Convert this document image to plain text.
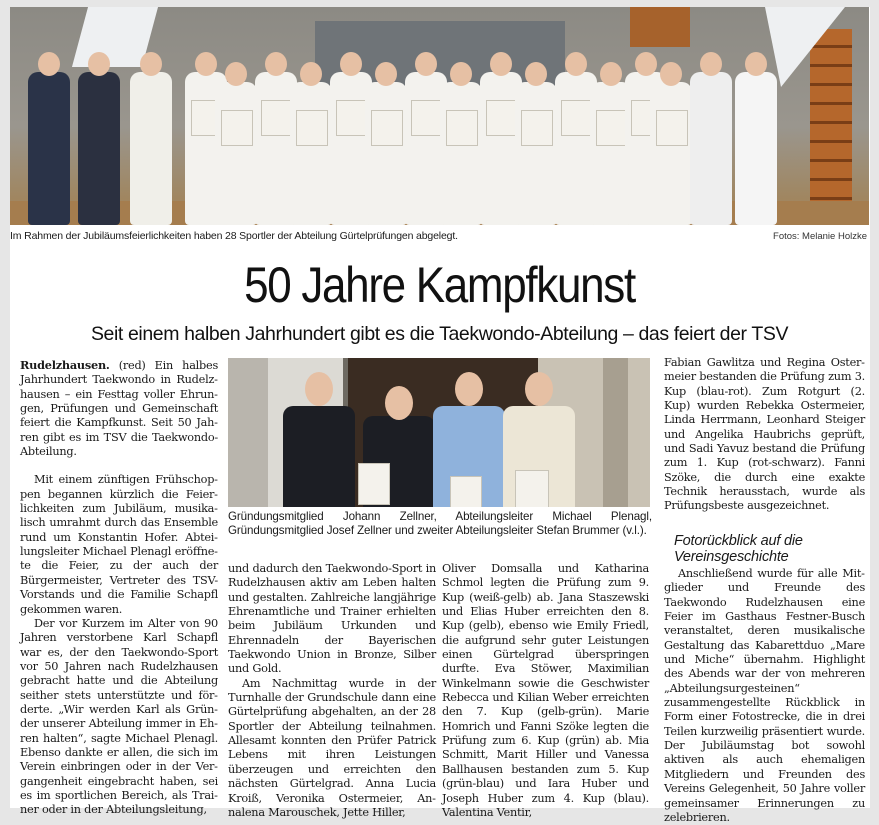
Im Rahmen der Jubiläumsfeierlichkeiten haben 28 Sportler der Abteilung Gürtelprüfungen abgelegt.	Fotos: Melanie Holzke
50 Jahre Kampfkunst
Seit einem halben Jahrhundert gibt es die Taekwondo-Abteilung – das feiert der TSV

Rudelzhausen. (red) Ein halbes Jahrhundert Taekwondo in Rudelzhausen – ein Festtag voller Ehrungen, Prüfungen und Gemeinschaft feiert die Kampfkunst. Seit 50 Jahren gibt es im TSV die Taekwondo-Abteilung.

Mit einem zünftigen Frühschoppen begannen kürzlich die Feierlichkeiten zum Jubiläum, musikalisch umrahmt durch das Ensemble rund um Konstantin Hofer. Abteilungsleiter Michael Plenagl eröffnete die Feier, zu der auch der Bürgermeister, Vertreter des TSV-Vorstands und die Familie Schapfl gekommen waren.

Der vor Kurzem im Alter von 90 Jahren verstorbene Karl Schapfl war es, der den Taekwondo-Sport vor 50 Jahren nach Rudelzhausen gebracht hatte und die Abteilung seither stets unterstützte und förderte. „Wir werden Karl als Gründer unserer Abteilung immer in Ehren halten“, sagte Michael Plenagl. Ebenso dankte er allen, die sich im Verein einbringen oder in der Vergangenheit eingebracht haben, sei es im sportlichen Bereich, als Trainer oder in der Abteilungsleitung,

Gründungsmitglied Johann Zellner, Abteilungsleiter Michael Plenagl, Gründungsmitglied Josef Zellner und zweiter Abteilungsleiter Stefan Brummer (v.l.).

und dadurch den Taekwondo-Sport in Rudelzhausen aktiv am Leben halten und gestalten. Zahlreiche langjährige Ehrenamtliche und Trainer erhielten beim Jubiläum Urkunden und Ehrennadeln der Bayerischen Taekwondo Union in Bronze, Silber und Gold.

Am Nachmittag wurde in der Turnhalle der Grundschule dann eine Gürtelprüfung abgehalten, an der 28 Sportler der Abteilung teilnahmen. Allesamt konnten den Prüfer Patrick Lebens mit ihren Leistungen überzeugen und erreichten den nächsten Gürtelgrad. Anna Lucia Kroiß, Veronika Ostermeier, Annalena Marouschek, Jette Hiller,

Oliver Domsalla und Katharina Schmol legten die Prüfung zum 9. Kup (weiß-gelb) ab. Jana Staszewski und Elias Huber erreichten den 8. Kup (gelb), ebenso wie Emily Friedl, die aufgrund sehr guter Leistungen einen Gürtelgrad überspringen durfte. Eva Stöwer, Maximilian Winkelmann sowie die Geschwister Rebecca und Kilian Weber erreichten den 7. Kup (gelb-grün). Marie Homrich und Fanni Szöke legten die Prüfung zum 6. Kup (grün) ab. Mia Schmitt, Marit Hiller und Vanessa Ballhausen bestanden zum 5. Kup (grün-blau) und Iara Huber und Joseph Huber zum 4. Kup (blau). Valentina Ventir,

Fabian Gawlitza und Regina Ostermeier bestanden die Prüfung zum 3. Kup (blau-rot). Zum Rotgurt (2. Kup) wurden Rebekka Ostermeier, Linda Herrmann, Leonhard Steiger und Angelika Haubrichs geprüft, und Sadi Yavuz bestand die Prüfung zum 1. Kup (rot-schwarz). Fanni Szöke, die durch eine exakte Technik herausstach, wurde als Prüfungsbeste ausgezeichnet.

Fotorückblick auf die Vereinsgeschichte

Anschließend wurde für alle Mitglieder und Freunde des Taekwondo Rudelzhausen eine Feier im Gasthaus Festner-Busch veranstaltet, deren musikalische Gestaltung das Kabarettduo „Mare und Miche“ übernahm. Highlight des Abends war der von mehreren „Abteilungsurgesteinen“ zusammengestellte Rückblick in Form einer Fotostrecke, die in drei Teilen kurzweilig präsentiert wurde. Der Jubiläumstag bot sowohl aktiven als auch ehemaligen Mitgliedern und Freunden des Vereins Gelegenheit, 50 Jahre voller gemeinsamer Erinnerungen zu zelebrieren.
